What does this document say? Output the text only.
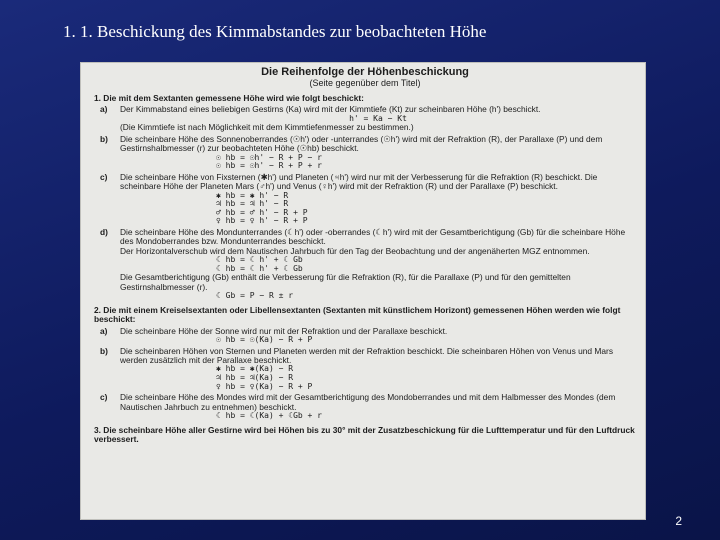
1. 1. Beschickung des Kimmabstandes zur beobachteten Höhe
Die Reihenfolge der Höhenbeschickung
(Seite gegenüber dem Titel)
1. Die mit dem Sextanten gemessene Höhe wird wie folgt beschickt:
a)	Der Kimmabstand eines beliebigen Gestirns (Ka) wird mit der Kimmtiefe (Kt) zur scheinbaren Höhe (h') beschickt.
h' = Ka − Kt
(Die Kimmtiefe ist nach Möglichkeit mit dem Kimmtiefenmesser zu bestimmen.)
b)	Die scheinbare Höhe des Sonnenoberrandes (☉h') oder -unterrandes (☉h') wird mit der Refraktion (R), der Parallaxe (P) und dem Gestirnshalbmesser (r) zur beobachteten Höhe (☉hb) beschickt.
☉ hb = ☉h' − R + P − r
☉ hb = ☉h' − R + P + r
c)	Die scheinbare Höhe von Fixsternen (✱h') und Planeten (♃h') wird nur mit der Verbesserung für die Refraktion (R) beschickt. Die scheinbare Höhe der Planeten Mars (♂h') und Venus (♀h') wird mit der Refraktion (R) und der Parallaxe (P) beschickt.
✱ hb = ✱ h' − R
♃ hb = ♃ h' − R
♂ hb = ♂ h' − R + P
♀ hb = ♀ h' − R + P
d)	Die scheinbare Höhe des Mondunterrandes (☾h') oder -oberrandes (☾h') wird mit der Gesamtberichtigung (Gb) für die scheinbare Höhe des Mondoberrandes bzw. Mondunterrandes beschickt.
Der Horizontalverschub wird dem Nautischen Jahrbuch für den Tag der Beobachtung und der angenäherten MGZ entnommen.
☾ hb = ☾ h' + ☾ Gb
☾ hb = ☾ h' + ☾ Gb
Die Gesamtberichtigung (Gb) enthält die Verbesserung für die Refraktion (R), für die Parallaxe (P) und für den gemittelten Gestirnshalbmesser (r).
☾ Gb = P − R ± r
2. Die mit einem Kreiselsextanten oder Libellensextanten (Sextanten mit künstlichem Horizont) gemessenen Höhen werden wie folgt beschickt:
a)	Die scheinbare Höhe der Sonne wird nur mit der Refraktion und der Parallaxe beschickt.
☉ hb = ☉(Ka) − R + P
b)	Die scheinbaren Höhen von Sternen und Planeten werden mit der Refraktion beschickt. Die scheinbaren Höhen von Venus und Mars werden zusätzlich mit der Parallaxe beschickt.
✱ hb = ✱(Ka) − R
♃ hb = ♃(Ka) − R
♀ hb = ♀(Ka) − R + P
c)	Die scheinbare Höhe des Mondes wird mit der Gesamtberichtigung des Mondoberrandes und mit dem Halbmesser des Mondes (dem Nautischen Jahrbuch zu entnehmen) beschickt.
☾ hb = ☾(Ka) + ☾Gb + r
3. Die scheinbare Höhe aller Gestirne wird bei Höhen bis zu 30° mit der Zusatzbeschickung für die Lufttemperatur und für den Luftdruck verbessert.
2
